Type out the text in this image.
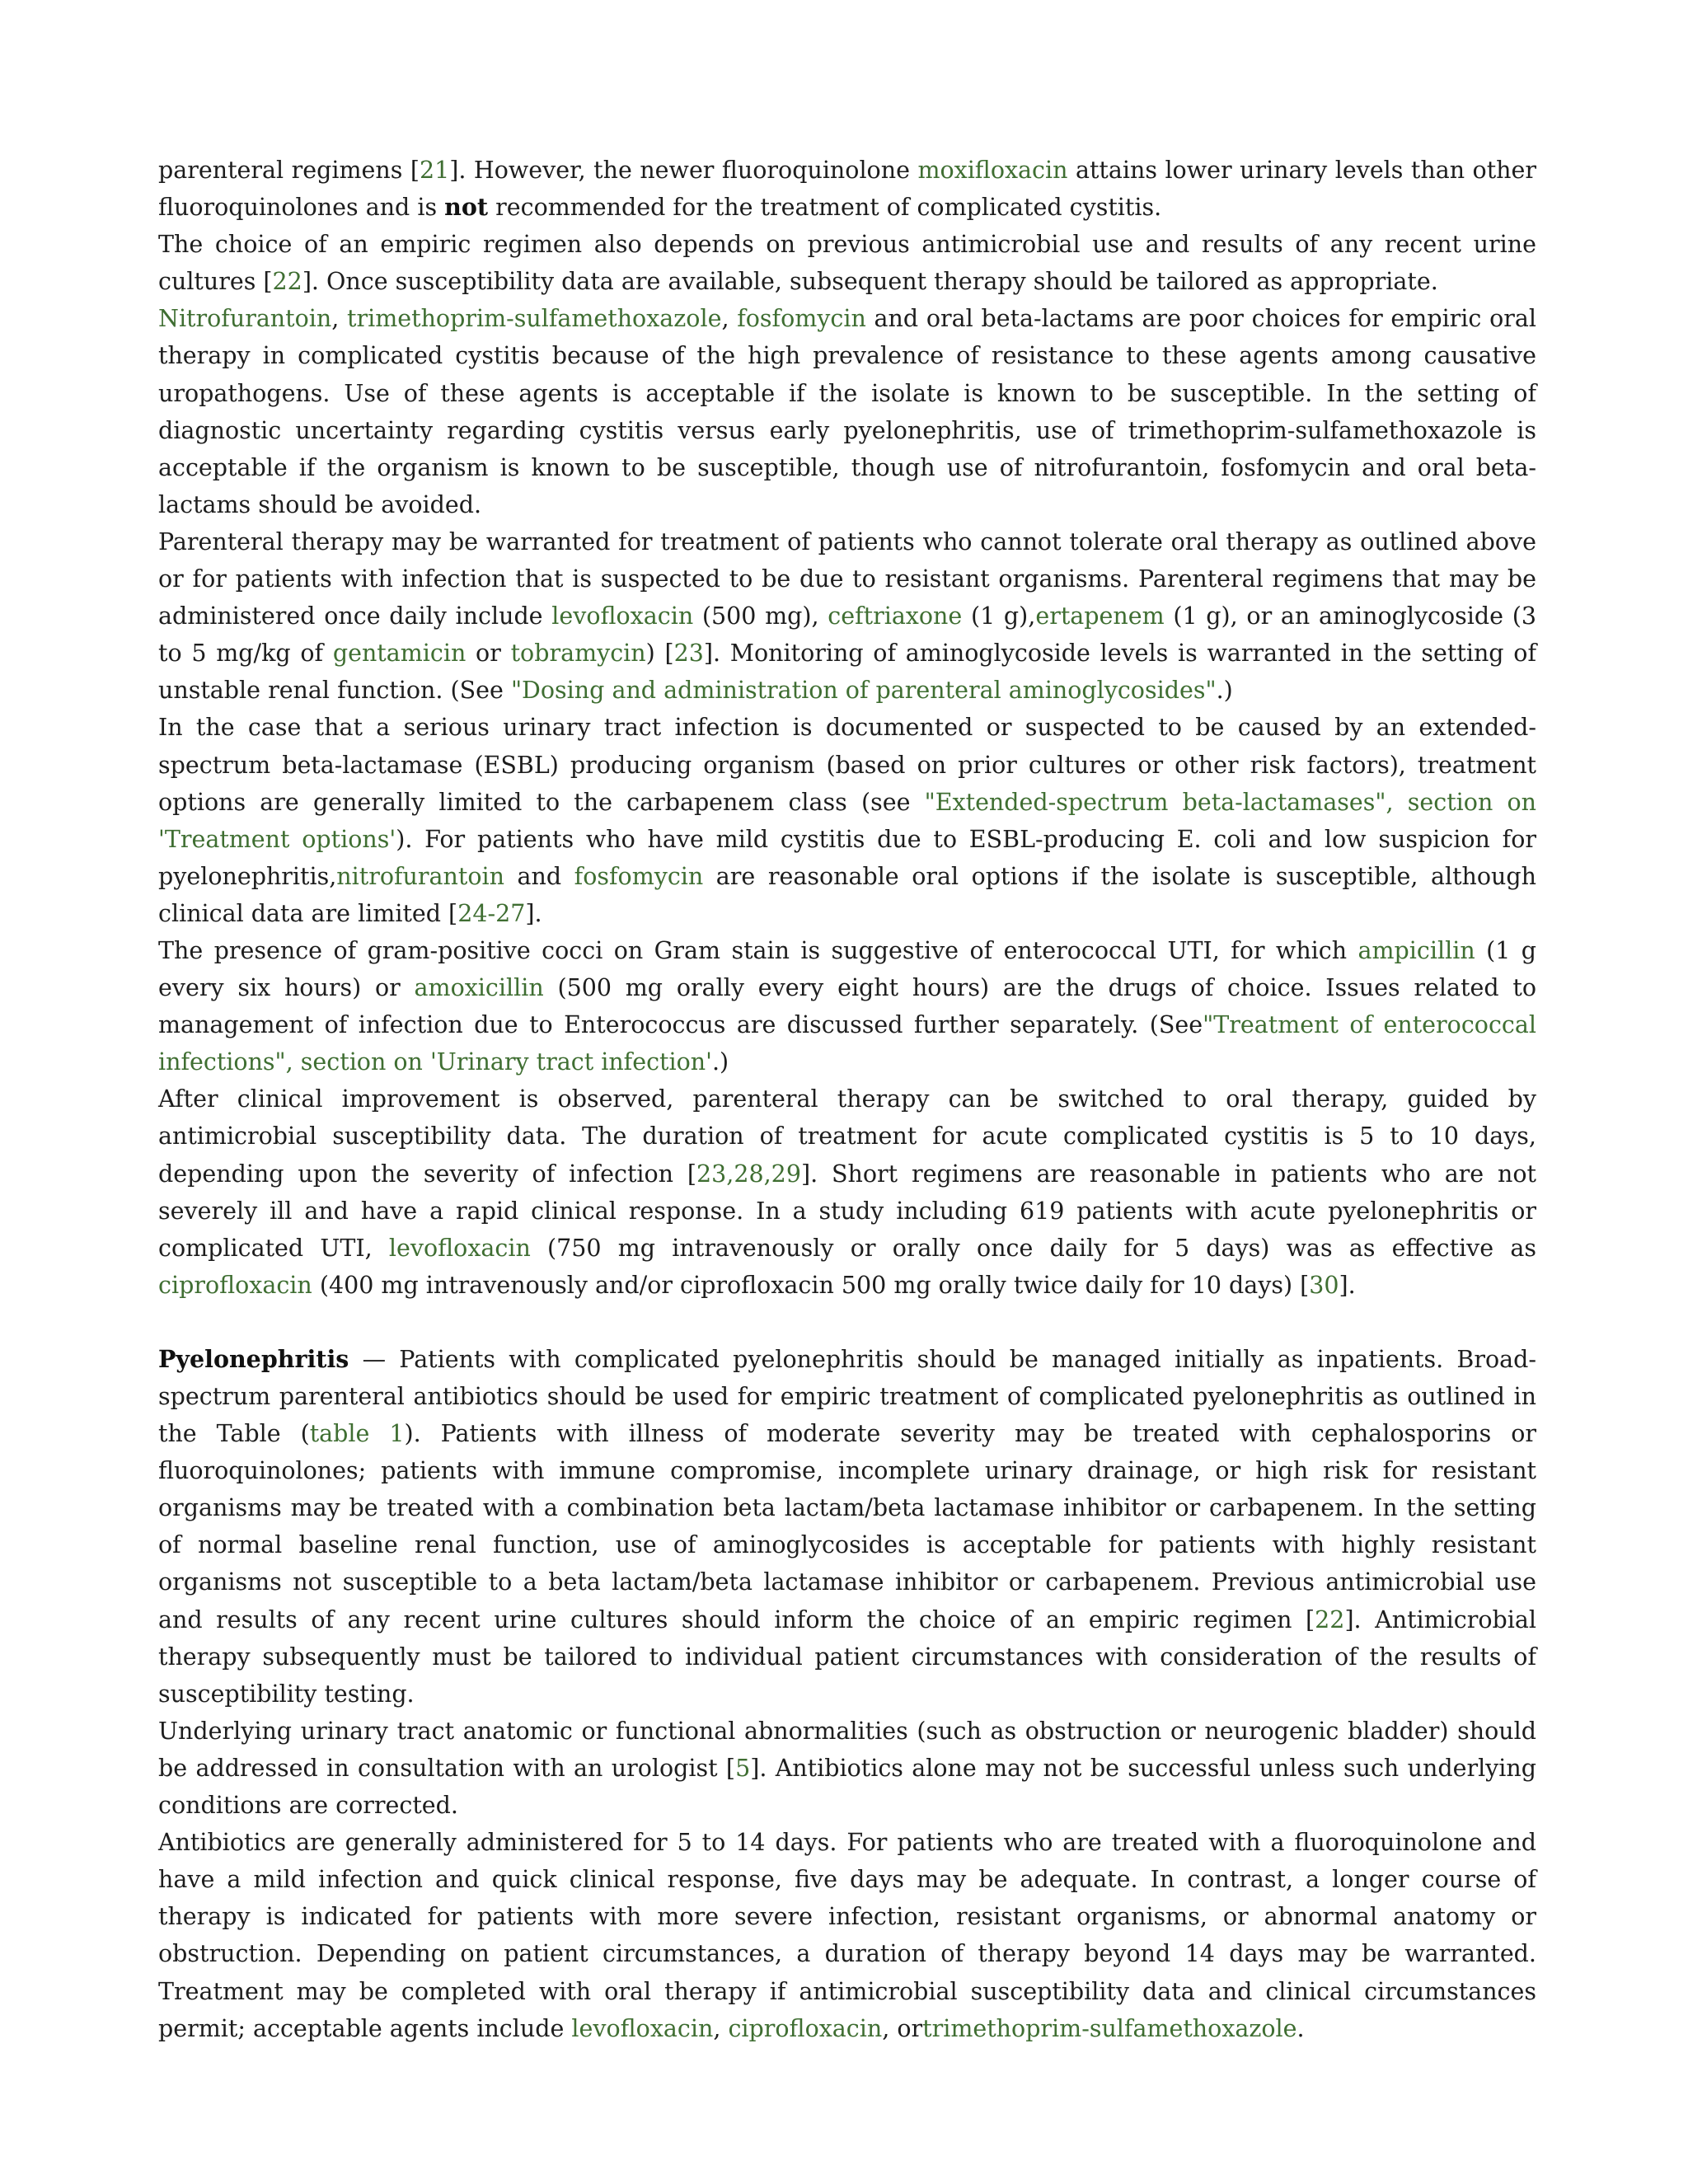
parenteral regimens [21]. However, the newer fluoroquinolone moxifloxacin attains lower urinary levels than other fluoroquinolones and is not recommended for the treatment of complicated cystitis.

The choice of an empiric regimen also depends on previous antimicrobial use and results of any recent urine cultures [22]. Once susceptibility data are available, subsequent therapy should be tailored as appropriate.

Nitrofurantoin, trimethoprim-sulfamethoxazole, fosfomycin and oral beta-lactams are poor choices for empiric oral therapy in complicated cystitis because of the high prevalence of resistance to these agents among causative uropathogens. Use of these agents is acceptable if the isolate is known to be susceptible. In the setting of diagnostic uncertainty regarding cystitis versus early pyelonephritis, use of trimethoprim-sulfamethoxazole is acceptable if the organism is known to be susceptible, though use of nitrofurantoin, fosfomycin and oral beta-lactams should be avoided.

Parenteral therapy may be warranted for treatment of patients who cannot tolerate oral therapy as outlined above or for patients with infection that is suspected to be due to resistant organisms. Parenteral regimens that may be administered once daily include levofloxacin (500 mg), ceftriaxone (1 g),ertapenem (1 g), or an aminoglycoside (3 to 5 mg/kg of gentamicin or tobramycin) [23]. Monitoring of aminoglycoside levels is warranted in the setting of unstable renal function. (See "Dosing and administration of parenteral aminoglycosides".)

In the case that a serious urinary tract infection is documented or suspected to be caused by an extended-spectrum beta-lactamase (ESBL) producing organism (based on prior cultures or other risk factors), treatment options are generally limited to the carbapenem class (see "Extended-spectrum beta-lactamases", section on 'Treatment options'). For patients who have mild cystitis due to ESBL-producing E. coli and low suspicion for pyelonephritis,nitrofurantoin and fosfomycin are reasonable oral options if the isolate is susceptible, although clinical data are limited [24-27].

The presence of gram-positive cocci on Gram stain is suggestive of enterococcal UTI, for which ampicillin (1 g every six hours) or amoxicillin (500 mg orally every eight hours) are the drugs of choice. Issues related to management of infection due to Enterococcus are discussed further separately. (See"Treatment of enterococcal infections", section on 'Urinary tract infection'.)

After clinical improvement is observed, parenteral therapy can be switched to oral therapy, guided by antimicrobial susceptibility data. The duration of treatment for acute complicated cystitis is 5 to 10 days, depending upon the severity of infection [23,28,29]. Short regimens are reasonable in patients who are not severely ill and have a rapid clinical response. In a study including 619 patients with acute pyelonephritis or complicated UTI, levofloxacin (750 mg intravenously or orally once daily for 5 days) was as effective as ciprofloxacin (400 mg intravenously and/or ciprofloxacin 500 mg orally twice daily for 10 days) [30].

Pyelonephritis — Patients with complicated pyelonephritis should be managed initially as inpatients. Broad-spectrum parenteral antibiotics should be used for empiric treatment of complicated pyelonephritis as outlined in the Table (table 1). Patients with illness of moderate severity may be treated with cephalosporins or fluoroquinolones; patients with immune compromise, incomplete urinary drainage, or high risk for resistant organisms may be treated with a combination beta lactam/beta lactamase inhibitor or carbapenem. In the setting of normal baseline renal function, use of aminoglycosides is acceptable for patients with highly resistant organisms not susceptible to a beta lactam/beta lactamase inhibitor or carbapenem. Previous antimicrobial use and results of any recent urine cultures should inform the choice of an empiric regimen [22]. Antimicrobial therapy subsequently must be tailored to individual patient circumstances with consideration of the results of susceptibility testing.

Underlying urinary tract anatomic or functional abnormalities (such as obstruction or neurogenic bladder) should be addressed in consultation with an urologist [5]. Antibiotics alone may not be successful unless such underlying conditions are corrected.

Antibiotics are generally administered for 5 to 14 days. For patients who are treated with a fluoroquinolone and have a mild infection and quick clinical response, five days may be adequate. In contrast, a longer course of therapy is indicated for patients with more severe infection, resistant organisms, or abnormal anatomy or obstruction. Depending on patient circumstances, a duration of therapy beyond 14 days may be warranted. Treatment may be completed with oral therapy if antimicrobial susceptibility data and clinical circumstances permit; acceptable agents include levofloxacin, ciprofloxacin, ortrimethoprim-sulfamethoxazole.
